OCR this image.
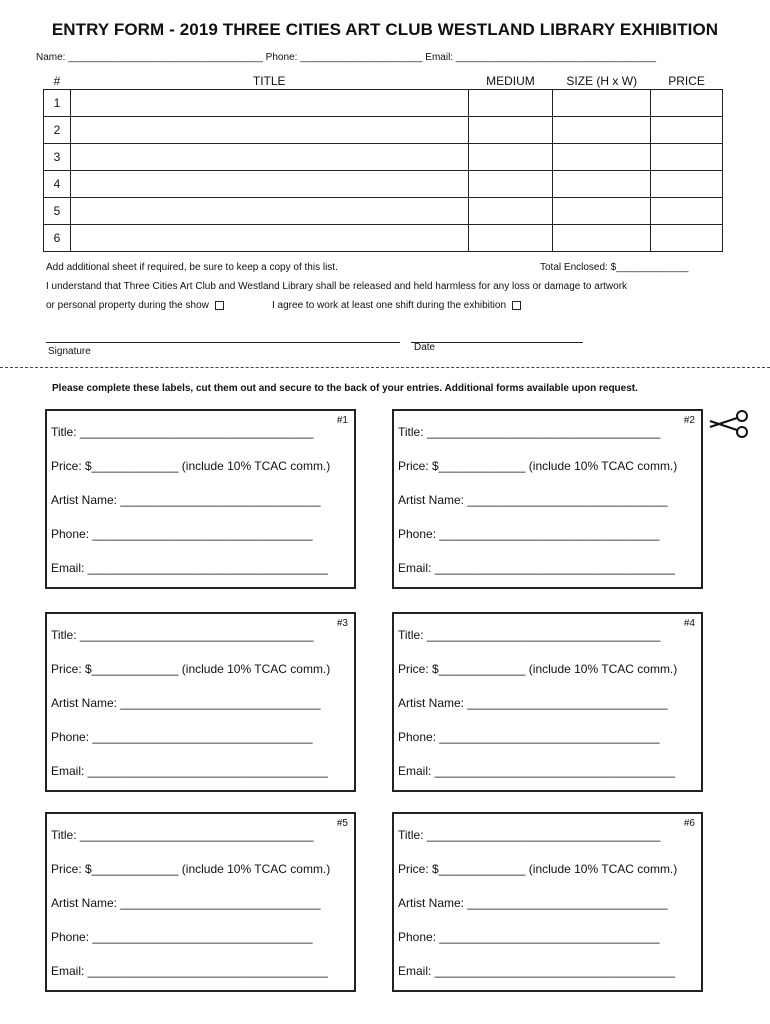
ENTRY FORM - 2019 THREE CITIES ART CLUB WESTLAND LIBRARY EXHIBITION
Name: ___________________________________ Phone: ______________________ Email: ____________________________________
#	TITLE	MEDIUM	SIZE (H x W)	PRICE
1				
2				
3				
4				
5				
6				
Add additional sheet if required, be sure to keep a copy of this list.	Total Enclosed: $_____________
I understand that Three Cities Art Club and Westland Library shall be released and held harmless for any loss or damage to artwork
or personal property during the show	I agree to work at least one shift during the exhibition
Signature	Date
Please complete these labels, cut them out and secure to the back of your entries. Additional forms available upon request.
#1
Title: ___________________________________
Price: $_____________ (include 10% TCAC comm.)
Artist Name: ______________________________
Phone: _________________________________
Email: ____________________________________
#2
Title: ___________________________________
Price: $_____________ (include 10% TCAC comm.)
Artist Name: ______________________________
Phone: _________________________________
Email: ____________________________________
#3
Title: ___________________________________
Price: $_____________ (include 10% TCAC comm.)
Artist Name: ______________________________
Phone: _________________________________
Email: ____________________________________
#4
Title: ___________________________________
Price: $_____________ (include 10% TCAC comm.)
Artist Name: ______________________________
Phone: _________________________________
Email: ____________________________________
#5
Title: ___________________________________
Price: $_____________ (include 10% TCAC comm.)
Artist Name: ______________________________
Phone: _________________________________
Email: ____________________________________
#6
Title: ___________________________________
Price: $_____________ (include 10% TCAC comm.)
Artist Name: ______________________________
Phone: _________________________________
Email: ____________________________________
